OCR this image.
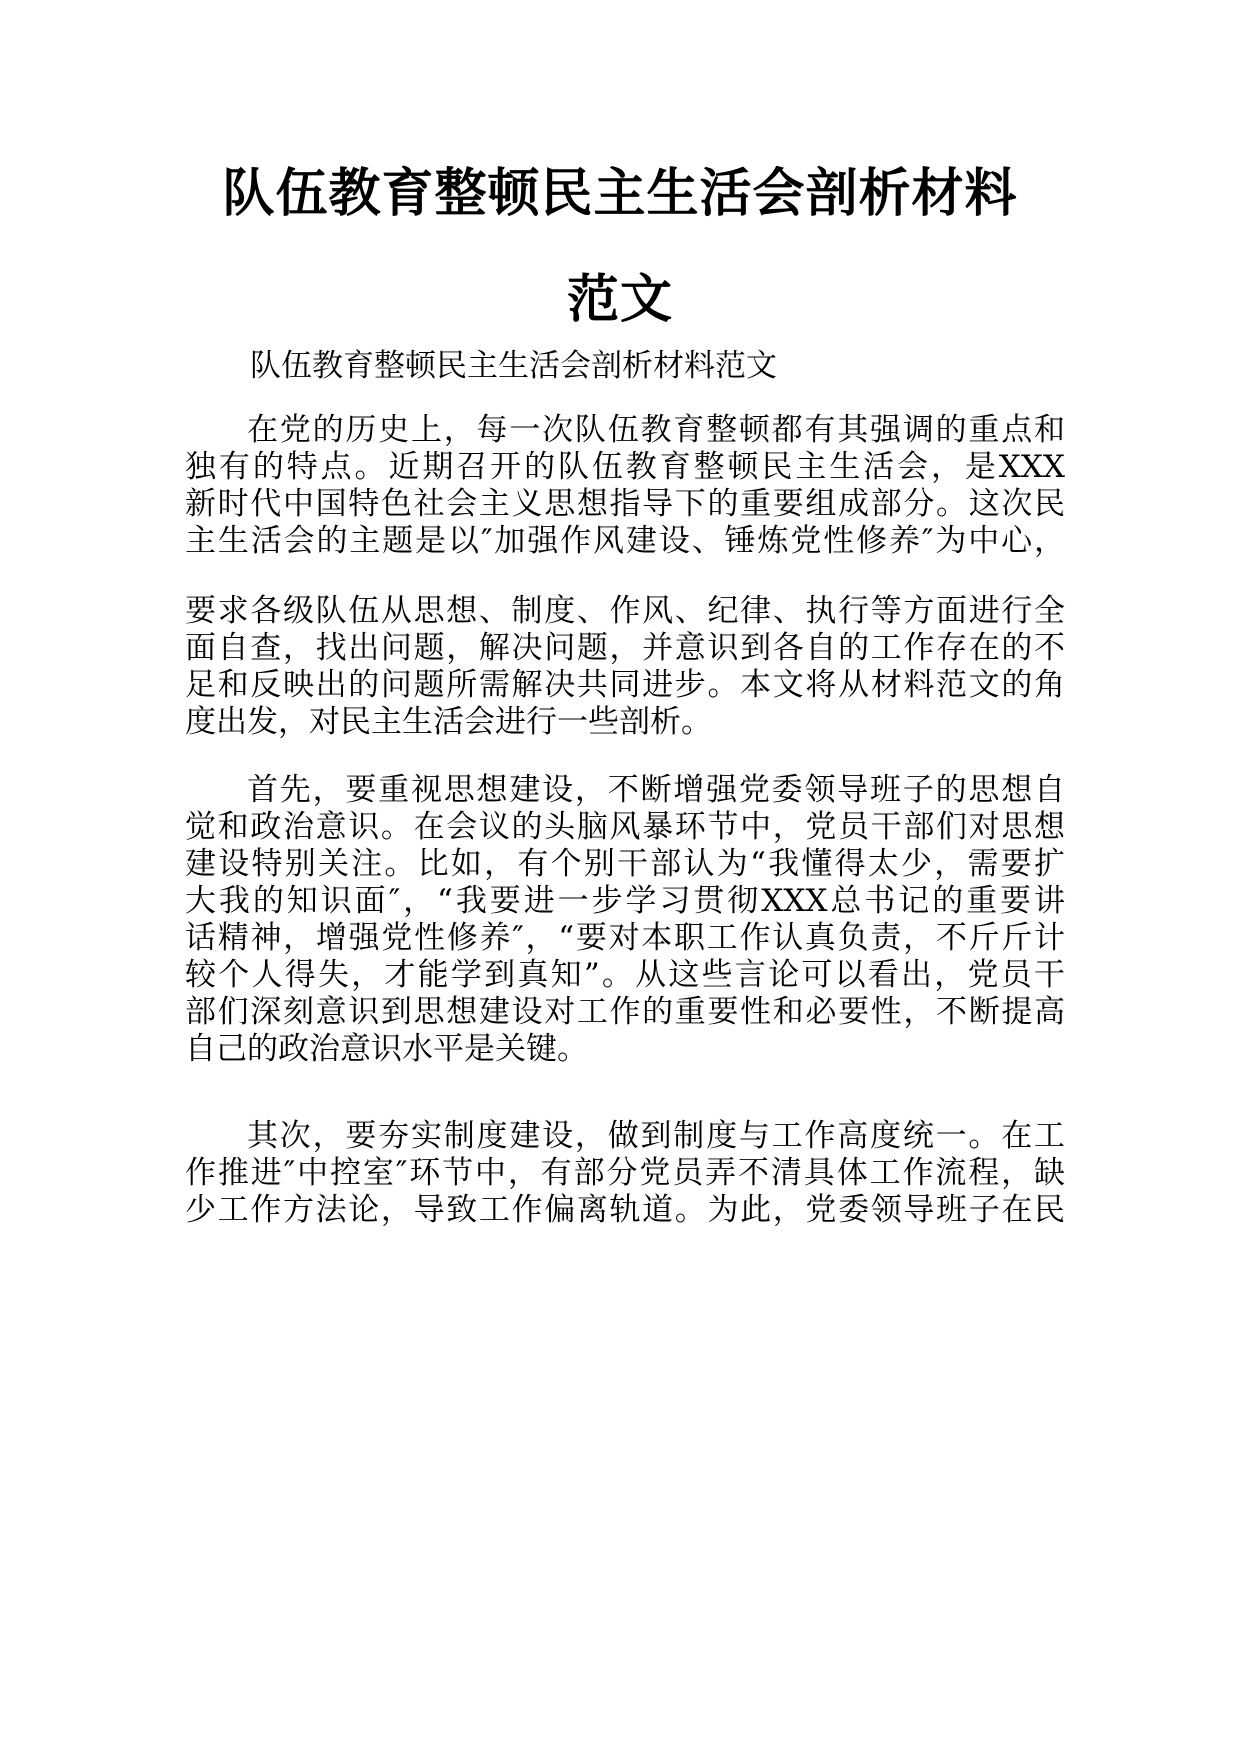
队伍教育整顿民主生活会剖析材料
范文
队伍教育整顿民主生活会剖析材料范文
在党的历史上，每一次队伍教育整顿都有其强调的重点和
独有的特点。近期召开的队伍教育整顿民主生活会，是XXX
新时代中国特色社会主义思想指导下的重要组成部分。这次民
主生活会的主题是以″加强作风建设、锤炼党性修养″为中心，
要求各级队伍从思想、制度、作风、纪律、执行等方面进行全
面自查，找出问题，解决问题，并意识到各自的工作存在的不
足和反映出的问题所需解决共同进步。本文将从材料范文的角
度出发，对民主生活会进行一些剖析。
首先，要重视思想建设，不断增强党委领导班子的思想自
觉和政治意识。在会议的头脑风暴环节中，党员干部们对思想
建设特别关注。比如，有个别干部认为“我懂得太少，需要扩
大我的知识面″，“我要进一步学习贯彻XXX总书记的重要讲
话精神，增强党性修养″，“要对本职工作认真负责，不斤斤计
较个人得失，才能学到真知”。从这些言论可以看出，党员干
部们深刻意识到思想建设对工作的重要性和必要性，不断提高
自己的政治意识水平是关键。
其次，要夯实制度建设，做到制度与工作高度统一。在工
作推进″中控室″环节中，有部分党员弄不清具体工作流程，缺
少工作方法论，导致工作偏离轨道。为此，党委领导班子在民
